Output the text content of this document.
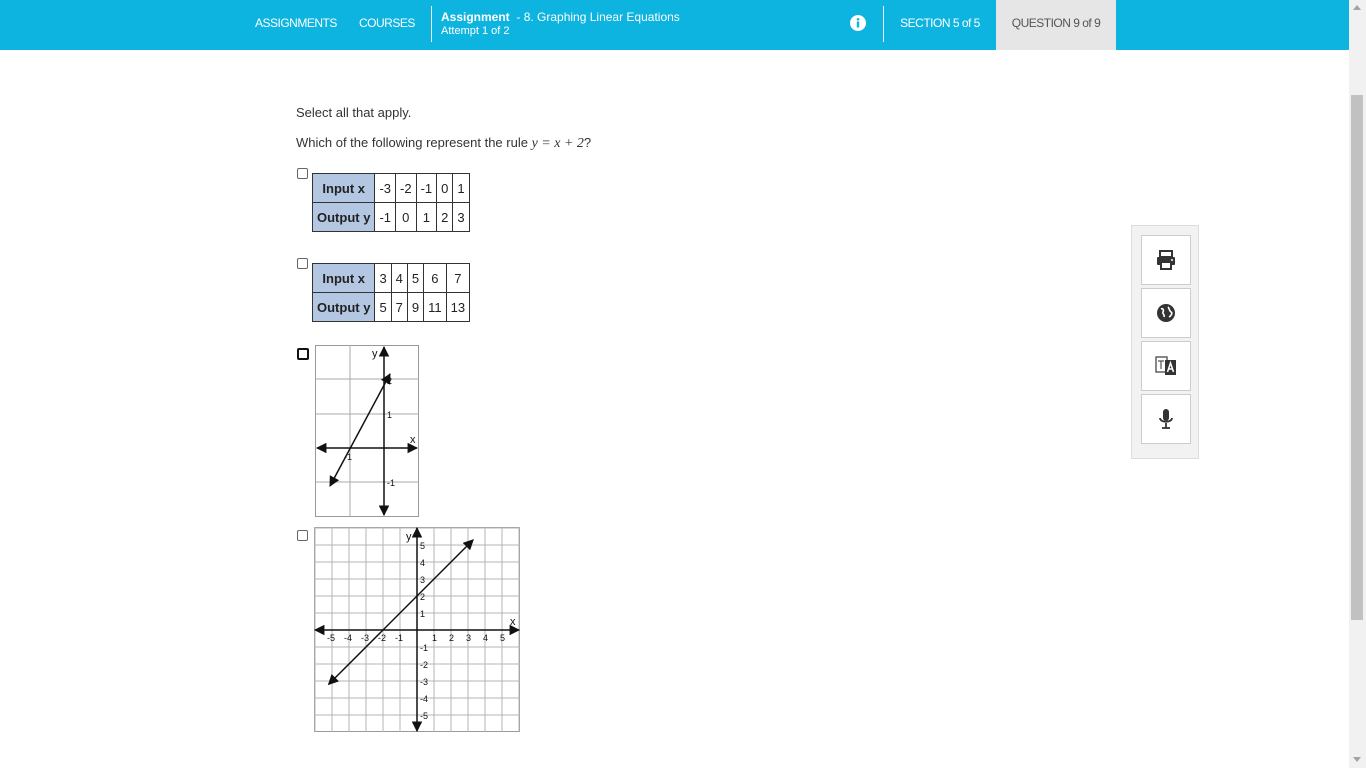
ASSIGNMENTS COURSES Assignment - 8. Graphing Linear Equations
Attempt 1 of 2
SECTION 5 of 5	QUESTION 9 of 9
Select all that apply.
Which of the following represent the rule y = x + 2?
Input x	-3	-2	-1	0	1
Output y	-1	0	1	2	3
Input x	3	4	5	6	7
Output y	5	7	9	11	13
y
x
2
1
-1
-1
-5 -4 -3 -2 -1	1 2 3 4 5
5
4
3
2
1
-1
-2
-3
-4
-5
y
x
